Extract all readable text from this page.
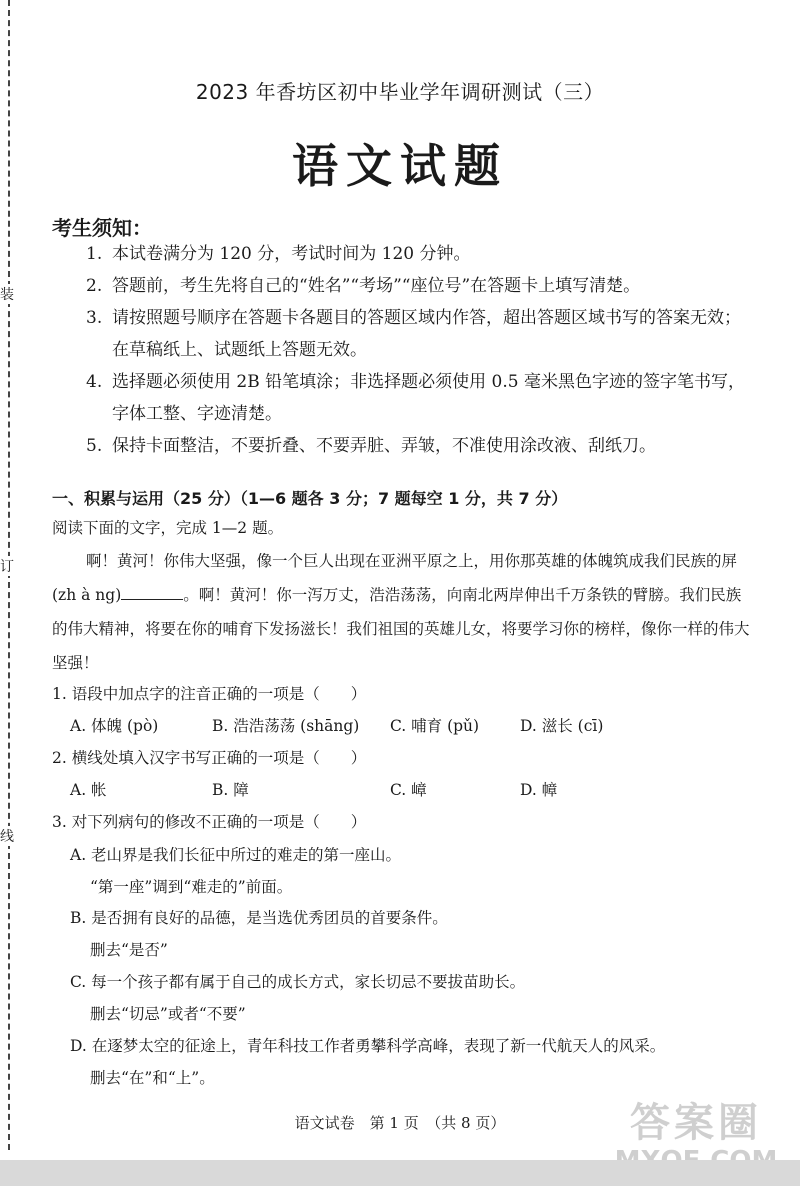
装
订
线
2023 年香坊区初中毕业学年调研测试（三）
语文试题
考生须知：
1. 本试卷满分为 120 分，考试时间为 120 分钟。
2. 答题前，考生先将自己的“姓名”“考场”“座位号”在答题卡上填写清楚。
3. 请按照题号顺序在答题卡各题目的答题区域内作答，超出答题区域书写的答案无效；在草稿纸上、试题纸上答题无效。
4. 选择题必须使用 2B 铅笔填涂；非选择题必须使用 0.5 毫米黑色字迹的签字笔书写，字体工整、字迹清楚。
5. 保持卡面整洁，不要折叠、不要弄脏、弄皱，不准使用涂改液、刮纸刀。
一、积累与运用（25 分）（1—6 题各 3 分；7 题每空 1 分，共 7 分）
阅读下面的文字，完成 1—2 题。
啊！黄河！你伟大坚强，像一个巨人出现在亚洲平原之上，用你那英雄的体魄筑成我们民族的屏 (zh à ng)	。啊！黄河！你一泻万丈，浩浩荡荡，向南北两岸伸出千万条铁的臂膀。我们民族的伟大精神，将要在你的哺育下发扬滋长！我们祖国的英雄儿女，将要学习你的榜样，像你一样的伟大坚强！
1. 语段中加点字的注音正确的一项是（　　）
A. 体魄 (pò)	B. 浩浩荡荡 (shāng) C. 哺育 (pǔ)	D. 滋长 (cī)
2. 横线处填入汉字书写正确的一项是（　　）
A. 帐	B. 障	C. 嶂	D. 幛
3. 对下列病句的修改不正确的一项是（　　）
A. 老山界是我们长征中所过的难走的第一座山。
“第一座”调到“难走的”前面。
B. 是否拥有良好的品德，是当选优秀团员的首要条件。
删去“是否”
C. 每一个孩子都有属于自己的成长方式，家长切忌不要拔苗助长。
删去“切忌”或者“不要”
D. 在逐梦太空的征途上，青年科技工作者勇攀科学高峰，表现了新一代航天人的风采。
删去“在”和“上”。
语文试卷　第 1 页　（共 8 页）	答案圈
